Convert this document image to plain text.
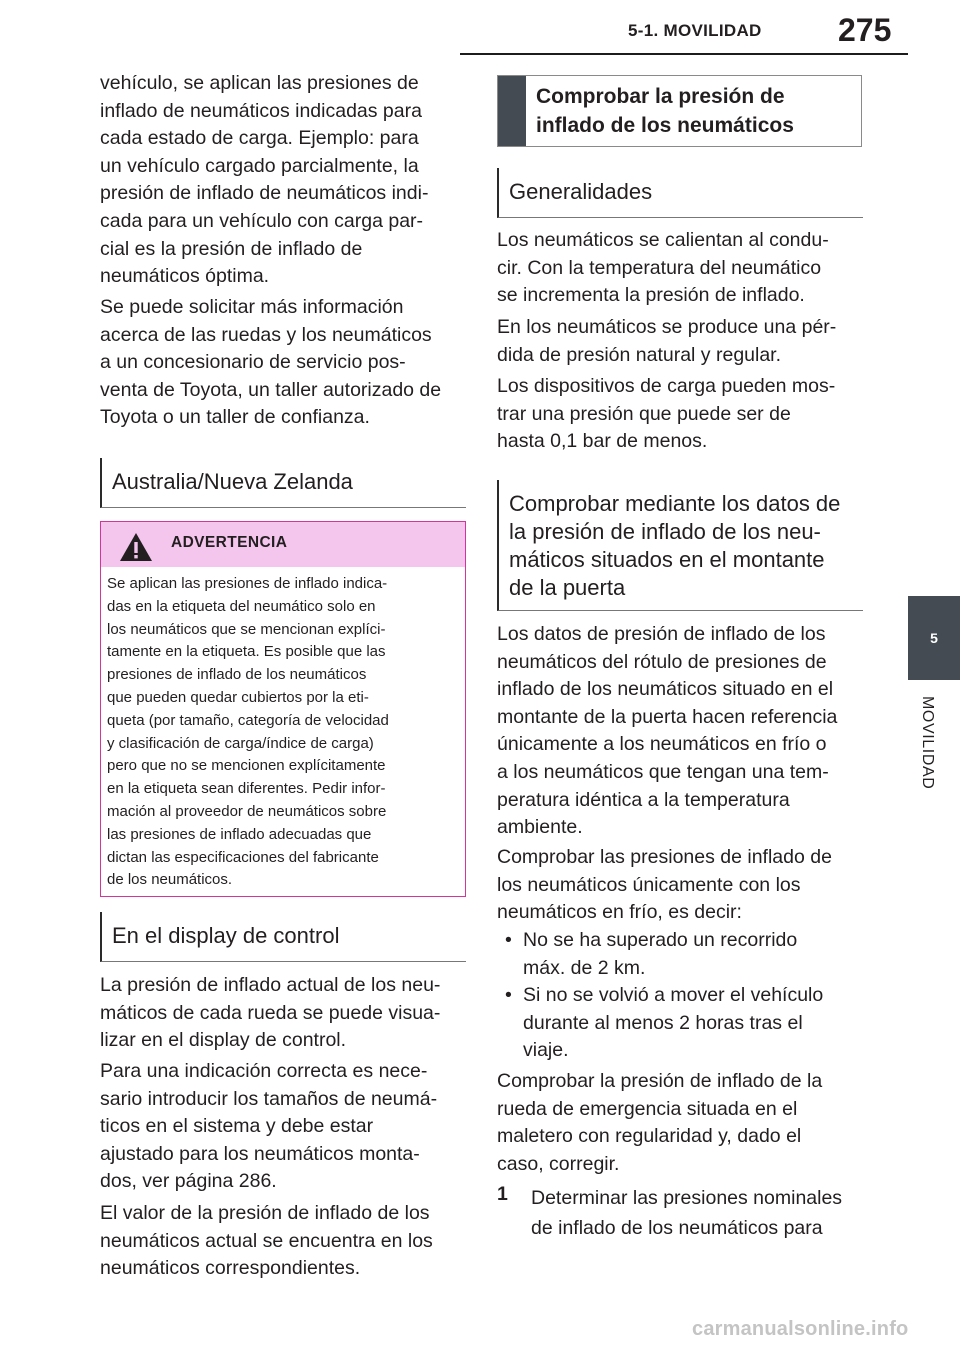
5-1. MOVILIDAD 275
5
MOVILIDAD
vehículo, se aplican las presiones de
inflado de neumáticos indicadas para
cada estado de carga. Ejemplo: para
un vehículo cargado parcialmente, la
presión de inflado de neumáticos indi-
cada para un vehículo con carga par-
cial es la presión de inflado de
neumáticos óptima.
Se puede solicitar más información
acerca de las ruedas y los neumáticos
a un concesionario de servicio pos-
venta de Toyota, un taller autorizado de
Toyota o un taller de confianza.
Australia/Nueva Zelanda
ADVERTENCIA
Se aplican las presiones de inflado indica-
das en la etiqueta del neumático solo en
los neumáticos que se mencionan explíci-
tamente en la etiqueta. Es posible que las
presiones de inflado de los neumáticos
que pueden quedar cubiertos por la eti-
queta (por tamaño, categoría de velocidad
y clasificación de carga/índice de carga)
pero que no se mencionen explícitamente
en la etiqueta sean diferentes. Pedir infor-
mación al proveedor de neumáticos sobre
las presiones de inflado adecuadas que
dictan las especificaciones del fabricante
de los neumáticos.
En el display de control
La presión de inflado actual de los neu-
máticos de cada rueda se puede visua-
lizar en el display de control.
Para una indicación correcta es nece-
sario introducir los tamaños de neumá-
ticos en el sistema y debe estar
ajustado para los neumáticos monta-
dos, ver página 286.
El valor de la presión de inflado de los
neumáticos actual se encuentra en los
neumáticos correspondientes.
Comprobar la presión de
inflado de los neumáticos
Generalidades
Los neumáticos se calientan al condu-
cir. Con la temperatura del neumático
se incrementa la presión de inflado.
En los neumáticos se produce una pér-
dida de presión natural y regular.
Los dispositivos de carga pueden mos-
trar una presión que puede ser de
hasta 0,1 bar de menos.
Comprobar mediante los datos de
la presión de inflado de los neu-
máticos situados en el montante
de la puerta
Los datos de presión de inflado de los
neumáticos del rótulo de presiones de
inflado de los neumáticos situado en el
montante de la puerta hacen referencia
únicamente a los neumáticos en frío o
a los neumáticos que tengan una tem-
peratura idéntica a la temperatura
ambiente.
Comprobar las presiones de inflado de
los neumáticos únicamente con los
neumáticos en frío, es decir:
• No se ha superado un recorrido
máx. de 2 km.
• Si no se volvió a mover el vehículo
durante al menos 2 horas tras el
viaje.
Comprobar la presión de inflado de la
rueda de emergencia situada en el
maletero con regularidad y, dado el
caso, corregir.
1 Determinar las presiones nominales
de inflado de los neumáticos para
carmanualsonline.info
